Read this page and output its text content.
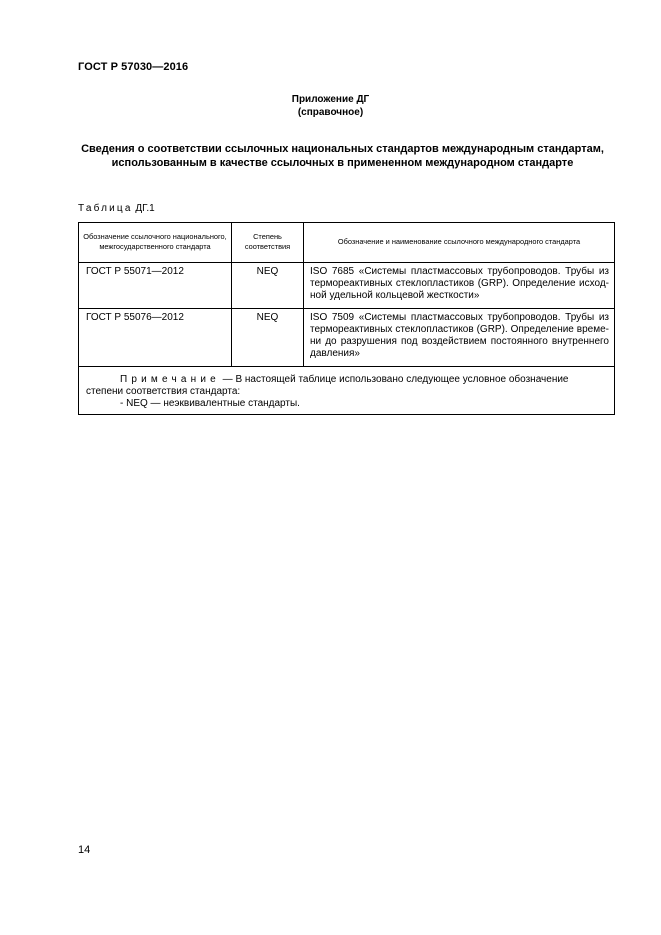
ГОСТ Р 57030—2016
Приложение ДГ
(справочное)
Сведения о соответствии ссылочных национальных стандартов международным стандартам, использованным в качестве ссылочных в примененном международном стандарте
Таблица ДГ.1
Обозначение ссылочного национального, межгосударственного стандарта	Степень соответствия	Обозначение и наименование ссылочного международного стандарта
ГОСТ Р 55071—2012	NEQ	ISO 7685 «Системы пластмассовых трубопроводов. Трубы из термореактивных стеклопластиков (GRP). Определение исход-ной удельной кольцевой жесткости»
ГОСТ Р 55076—2012	NEQ	ISO 7509 «Системы пластмассовых трубопроводов. Трубы из термореактивных стеклопластиков (GRP). Определение време-ни до разрушения под воздействием постоянного внутреннего давления»

Примечание — В настоящей таблице использовано следующее условное обозначение степени соответствия стандарта:
- NEQ — неэквивалентные стандарты.		
14
